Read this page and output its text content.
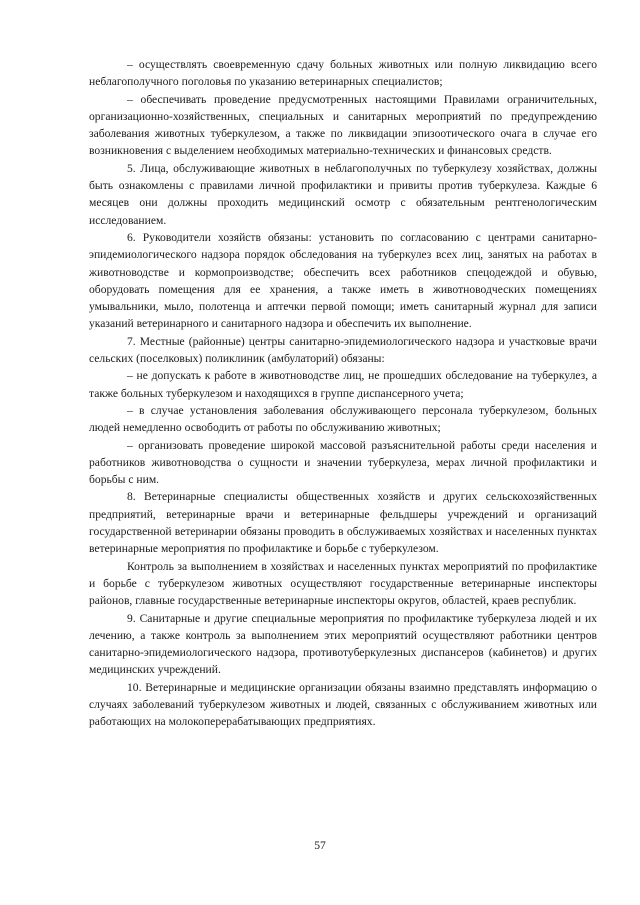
– осуществлять своевременную сдачу больных животных или полную ликвидацию всего неблагополучного поголовья по указанию ветеринарных специалистов;

– обеспечивать проведение предусмотренных настоящими Правилами ограничительных, организационно-хозяйственных, специальных и санитарных мероприятий по предупреждению заболевания животных туберкулезом, а также по ликвидации эпизоотического очага в случае его возникновения с выделением необходимых материально-технических и финансовых средств.

5. Лица, обслуживающие животных в неблагополучных по туберкулезу хозяйствах, должны быть ознакомлены с правилами личной профилактики и привиты против туберкулеза. Каждые 6 месяцев они должны проходить медицинский осмотр с обязательным рентгенологическим исследованием.

6. Руководители хозяйств обязаны: установить по согласованию с центрами санитарно-эпидемиологического надзора порядок обследования на туберкулез всех лиц, занятых на работах в животноводстве и кормопроизводстве; обеспечить всех работников спецодеждой и обувью, оборудовать помещения для ее хранения, а также иметь в животноводческих помещениях умывальники, мыло, полотенца и аптечки первой помощи; иметь санитарный журнал для записи указаний ветеринарного и санитарного надзора и обеспечить их выполнение.

7. Местные (районные) центры санитарно-эпидемиологического надзора и участковые врачи сельских (поселковых) поликлиник (амбулаторий) обязаны:

– не допускать к работе в животноводстве лиц, не прошедших обследование на туберкулез, а также больных туберкулезом и находящихся в группе диспансерного учета;

– в случае установления заболевания обслуживающего персонала туберкулезом, больных людей немедленно освободить от работы по обслуживанию животных;

– организовать проведение широкой массовой разъяснительной работы среди населения и работников животноводства о сущности и значении туберкулеза, мерах личной профилактики и борьбы с ним.

8. Ветеринарные специалисты общественных хозяйств и других сельскохозяйственных предприятий, ветеринарные врачи и ветеринарные фельдшеры учреждений и организаций государственной ветеринарии обязаны проводить в обслуживаемых хозяйствах и населенных пунктах ветеринарные мероприятия по профилактике и борьбе с туберкулезом.

Контроль за выполнением в хозяйствах и населенных пунктах мероприятий по профилактике и борьбе с туберкулезом животных осуществляют государственные ветеринарные инспекторы районов, главные государственные ветеринарные инспекторы округов, областей, краев республик.

9. Санитарные и другие специальные мероприятия по профилактике туберкулеза людей и их лечению, а также контроль за выполнением этих мероприятий осуществляют работники центров санитарно-эпидемиологического надзора, противотуберкулезных диспансеров (кабинетов) и других медицинских учреждений.

10. Ветеринарные и медицинские организации обязаны взаимно представлять информацию о случаях заболеваний туберкулезом животных и людей, связанных с обслуживанием животных или работающих на молокоперерабатывающих предприятиях.

57
